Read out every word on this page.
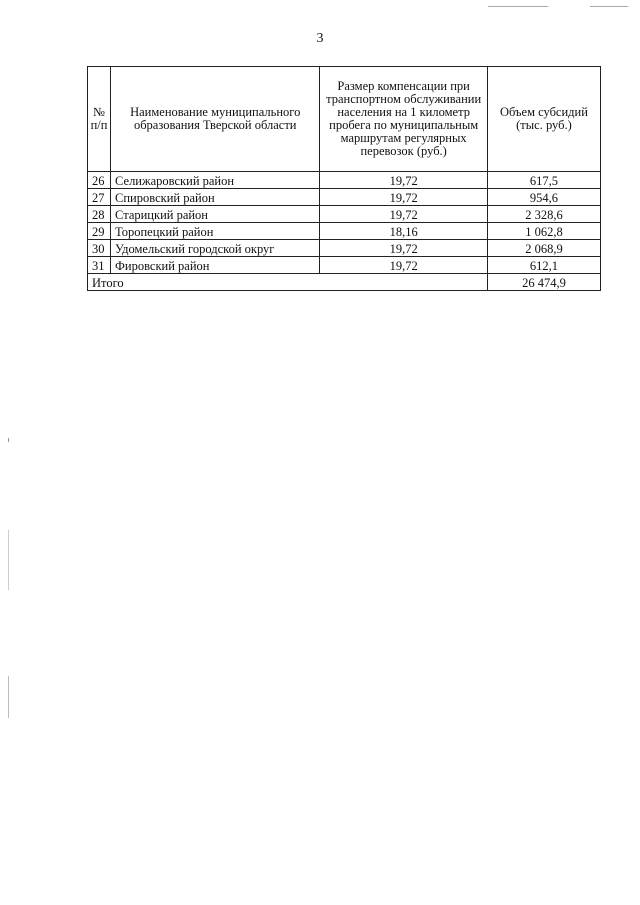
3
№ п/п	Наименование муниципального образования Тверской области	Размер компенсации при транспортном обслуживании населения на 1 километр пробега по муниципальным маршрутам регулярных перевозок (руб.)	Объем субсидий (тыс. руб.)
26	Селижаровский район	19,72	617,5
27	Спировский район	19,72	954,6
28	Старицкий район	19,72	2 328,6
29	Торопецкий район	18,16	1 062,8
30	Удомельский городской округ	19,72	2 068,9
31	Фировский район	19,72	612,1
Итого			26 474,9
